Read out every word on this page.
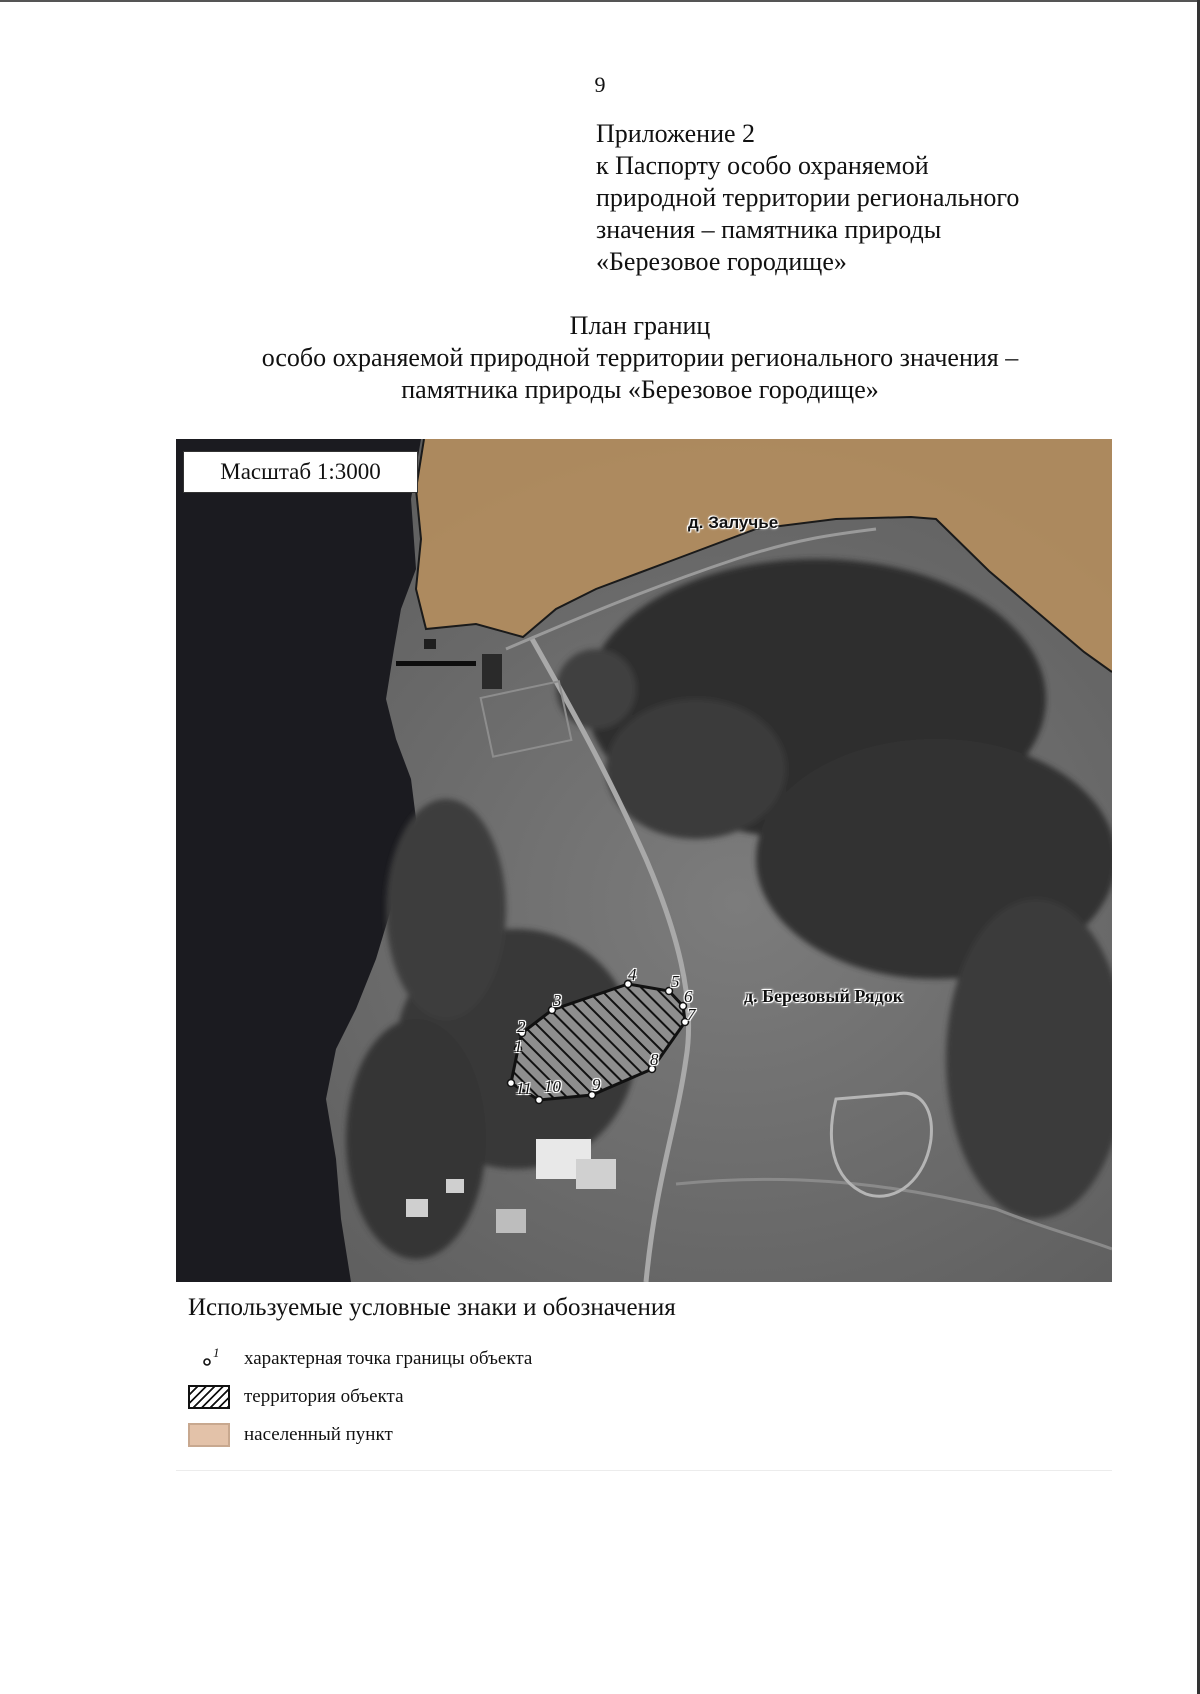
9
Приложение 2
к Паспорту особо охраняемой
природной территории регионального
значения – памятника природы
«Березовое городище»
План границ
особо охраняемой природной территории регионального значения –
памятника природы «Березовое городище»
Масштаб 1:3000
д. Залучье
д. Березовый Рядок
1
2
3
4 5
6
7
8
9
10
11
Используемые условные знаки и обозначения
1 характерная точка границы объекта
территория объекта
населенный пункт
